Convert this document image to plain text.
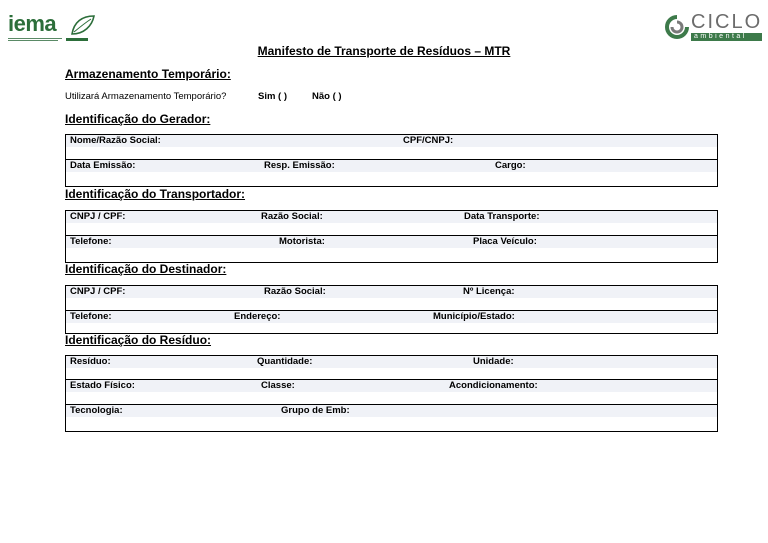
iema	CICLO
ambiental
Manifesto de Transporte de Resíduos – MTR
Armazenamento Temporário:
Utilizará Armazenamento Temporário?	Sim ( )	Não ( )
Identificação do Gerador:
Nome/Razão Social:	CPF/CNPJ:
Data Emissão:	Resp. Emissão:	Cargo:
Identificação do Transportador:
CNPJ / CPF:	Razão Social:	Data Transporte:
Telefone:	Motorista:	Placa Veículo:
Identificação do Destinador:
CNPJ / CPF:	Razão Social:	Nº Licença:
Telefone:	Endereço:	Município/Estado:
Identificação do Resíduo:
Resíduo:	Quantidade:	Unidade:
Estado Físico:	Classe:	Acondicionamento:
Tecnologia:	Grupo de Emb:
